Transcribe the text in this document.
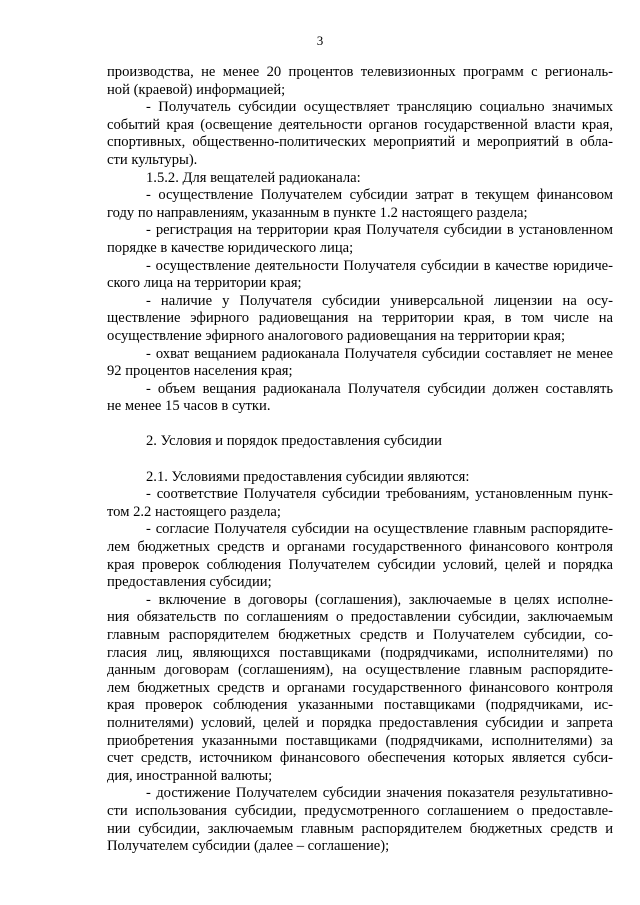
3

производства, не менее 20 процентов телевизионных программ с региональ-

ной (краевой) информацией;

- Получатель субсидии осуществляет трансляцию социально значимых

событий края (освещение деятельности органов государственной власти края,

спортивных, общественно-политических мероприятий и мероприятий в обла-

сти культуры).

1.5.2. Для вещателей радиоканала:

- осуществление Получателем субсидии затрат в текущем финансовом

году по направлениям, указанным в пункте 1.2 настоящего раздела;

- регистрация на территории края Получателя субсидии в установленном

порядке в качестве юридического лица;

- осуществление деятельности Получателя субсидии в качестве юридиче-

ского лица на территории края;

- наличие у Получателя субсидии универсальной лицензии на осу-

ществление эфирного радиовещания на территории края, в том числе на

осуществление эфирного аналогового радиовещания на территории края;

- охват вещанием радиоканала Получателя субсидии составляет не менее

92 процентов населения края;

- объем вещания радиоканала Получателя субсидии должен составлять

не менее 15 часов в сутки.

2. Условия и порядок предоставления субсидии

2.1. Условиями предоставления субсидии являются:

- соответствие Получателя субсидии требованиям, установленным пунк-

том 2.2 настоящего раздела;

- согласие Получателя субсидии на осуществление главным распорядите-

лем бюджетных средств и органами государственного финансового контроля

края проверок соблюдения Получателем субсидии условий, целей и порядка

предоставления субсидии;

- включение в договоры (соглашения), заключаемые в целях исполне-

ния обязательств по соглашениям о предоставлении субсидии, заключаемым

главным распорядителем бюджетных средств и Получателем субсидии, со-

гласия лиц, являющихся поставщиками (подрядчиками, исполнителями) по

данным договорам (соглашениям), на осуществление главным распорядите-

лем бюджетных средств и органами государственного финансового контроля

края проверок соблюдения указанными поставщиками (подрядчиками, ис-

полнителями) условий, целей и порядка предоставления субсидии и запрета

приобретения указанными поставщиками (подрядчиками, исполнителями) за

счет средств, источником финансового обеспечения которых является субси-

дия, иностранной валюты;

- достижение Получателем субсидии значения показателя результативно-

сти использования субсидии, предусмотренного соглашением о предоставле-

нии субсидии, заключаемым главным распорядителем бюджетных средств и

Получателем субсидии (далее – соглашение);
